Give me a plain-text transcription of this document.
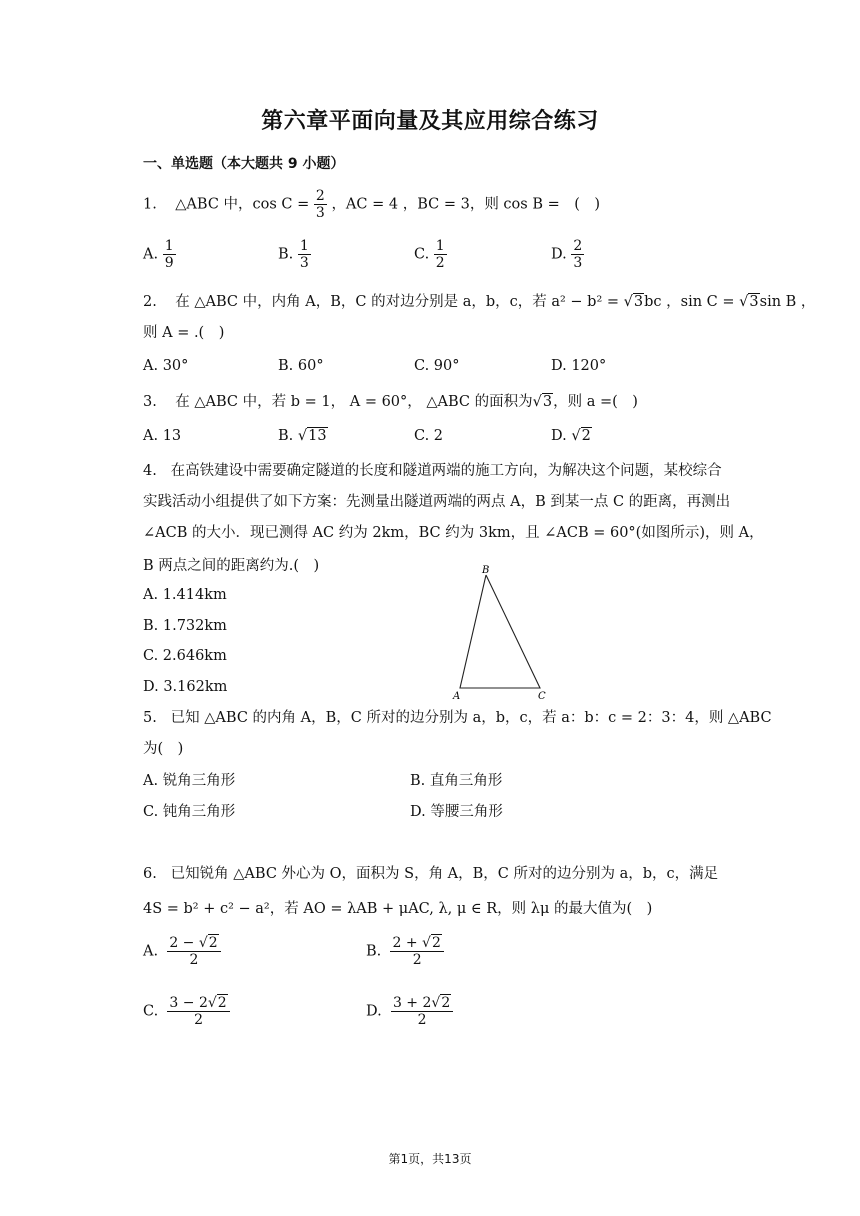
第六章平面向量及其应用综合练习
一、单选题（本大题共 9 小题）
1. △ABC 中，$\cos C = \frac{2}{3}$ ，AC = 4 ，BC = 3，则 cos B =　(　)
A. $\frac{1}{9}$	B. $\frac{1}{3}$	C. $\frac{1}{2}$	D. $\frac{2}{3}$
2. 在 △ABC 中，内角 A，B，C 的对边分别是 a，b，c，若 a² − b² = √3bc ，sin C = √3sin B ，
则 A = .(　)
A. 30°	B. 60°	C. 90°	D. 120°
3. 在 △ABC 中，若 b = 1， A = 60°， △ABC 的面积为√3，则 a =(　)
A. 13	B. √13	C. 2	D. √2
4. 在高铁建设中需要确定隧道的长度和隧道两端的施工方向，为解决这个问题，某校综合
实践活动小组提供了如下方案：先测量出隧道两端的两点 A，B 到某一点 C 的距离，再测出
∠ACB 的大小．现已测得 AC 约为 2km，BC 约为 3km，且 ∠ACB = 60°(如图所示)，则 A，
B 两点之间的距离约为.(　)
A. 1.414km
B. 1.732km
C. 2.646km
D. 3.162km
B
A	C
5. 已知 △ABC 的内角 A，B，C 所对的边分别为 a，b，c，若 a：b：c = 2：3：4，则 △ABC
为(　)
A. 锐角三角形	B. 直角三角形
C. 钝角三角形	D. 等腰三角形
6. 已知锐角 △ABC 外心为 O，面积为 S，角 A，B，C 所对的边分别为 a，b，c，满足
4S = b² + c² − a²，若 AO = λAB + μAC, λ, μ ∈ R，则 λμ 的最大值为(　)
A. $\frac{2 - √2}{2}$	B. $\frac{2 + √2}{2}$
C. $\frac{3 - 2√2}{2}$	D. $\frac{3 + 2√2}{2}$
第1页，共13页
